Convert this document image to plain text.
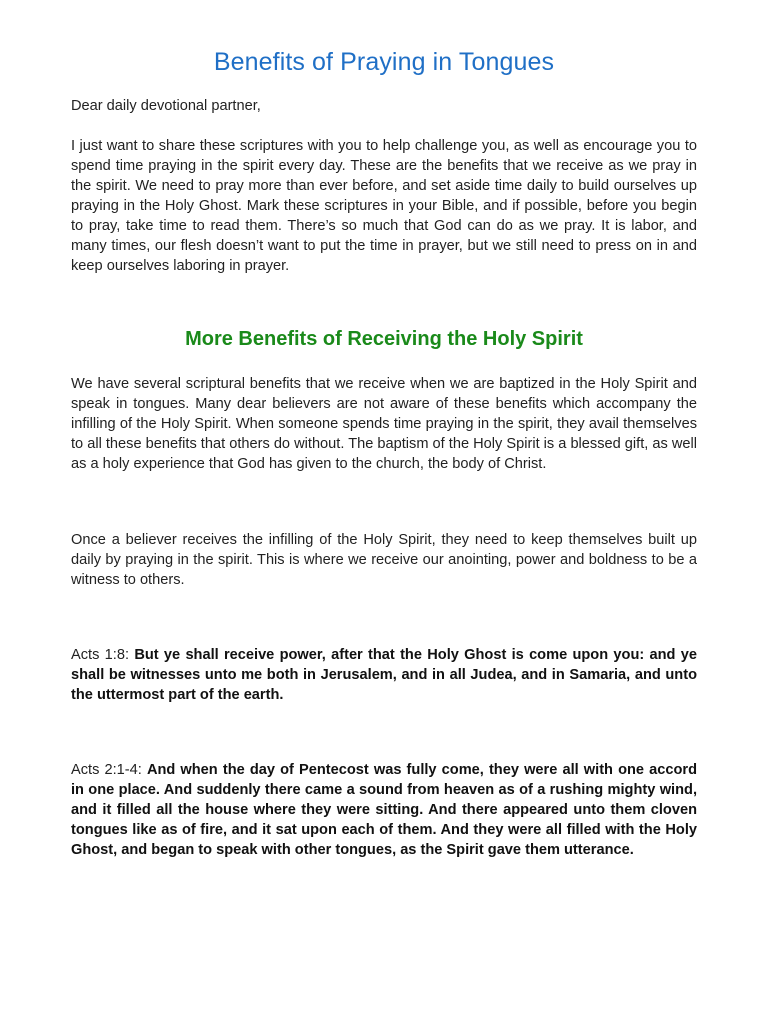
Benefits of Praying in Tongues

Dear daily devotional partner,

I just want to share these scriptures with you to help challenge you, as well as encourage you to spend time praying in the spirit every day. These are the benefits that we receive as we pray in the spirit. We need to pray more than ever before, and set aside time daily to build ourselves up praying in the Holy Ghost. Mark these scriptures in your Bible, and if possible, before you begin to pray, take time to read them. There’s so much that God can do as we pray. It is labor, and many times, our flesh doesn’t want to put the time in prayer, but we still need to press on in and keep ourselves laboring in prayer.

More Benefits of Receiving the Holy Spirit

We have several scriptural benefits that we receive when we are baptized in the Holy Spirit and speak in tongues. Many dear believers are not aware of these benefits which accompany the infilling of the Holy Spirit. When someone spends time praying in the spirit, they avail themselves to all these benefits that others do without. The baptism of the Holy Spirit is a blessed gift, as well as a holy experience that God has given to the church, the body of Christ.

Once a believer receives the infilling of the Holy Spirit, they need to keep themselves built up daily by praying in the spirit. This is where we receive our anointing, power and boldness to be a witness to others.

Acts 1:8: But ye shall receive power, after that the Holy Ghost is come upon you: and ye shall be witnesses unto me both in Jerusalem, and in all Judea, and in Samaria, and unto the uttermost part of the earth.

Acts 2:1-4: And when the day of Pentecost was fully come, they were all with one accord in one place. And suddenly there came a sound from heaven as of a rushing mighty wind, and it filled all the house where they were sitting. And there appeared unto them cloven tongues like as of fire, and it sat upon each of them. And they were all filled with the Holy Ghost, and began to speak with other tongues, as the Spirit gave them utterance.
